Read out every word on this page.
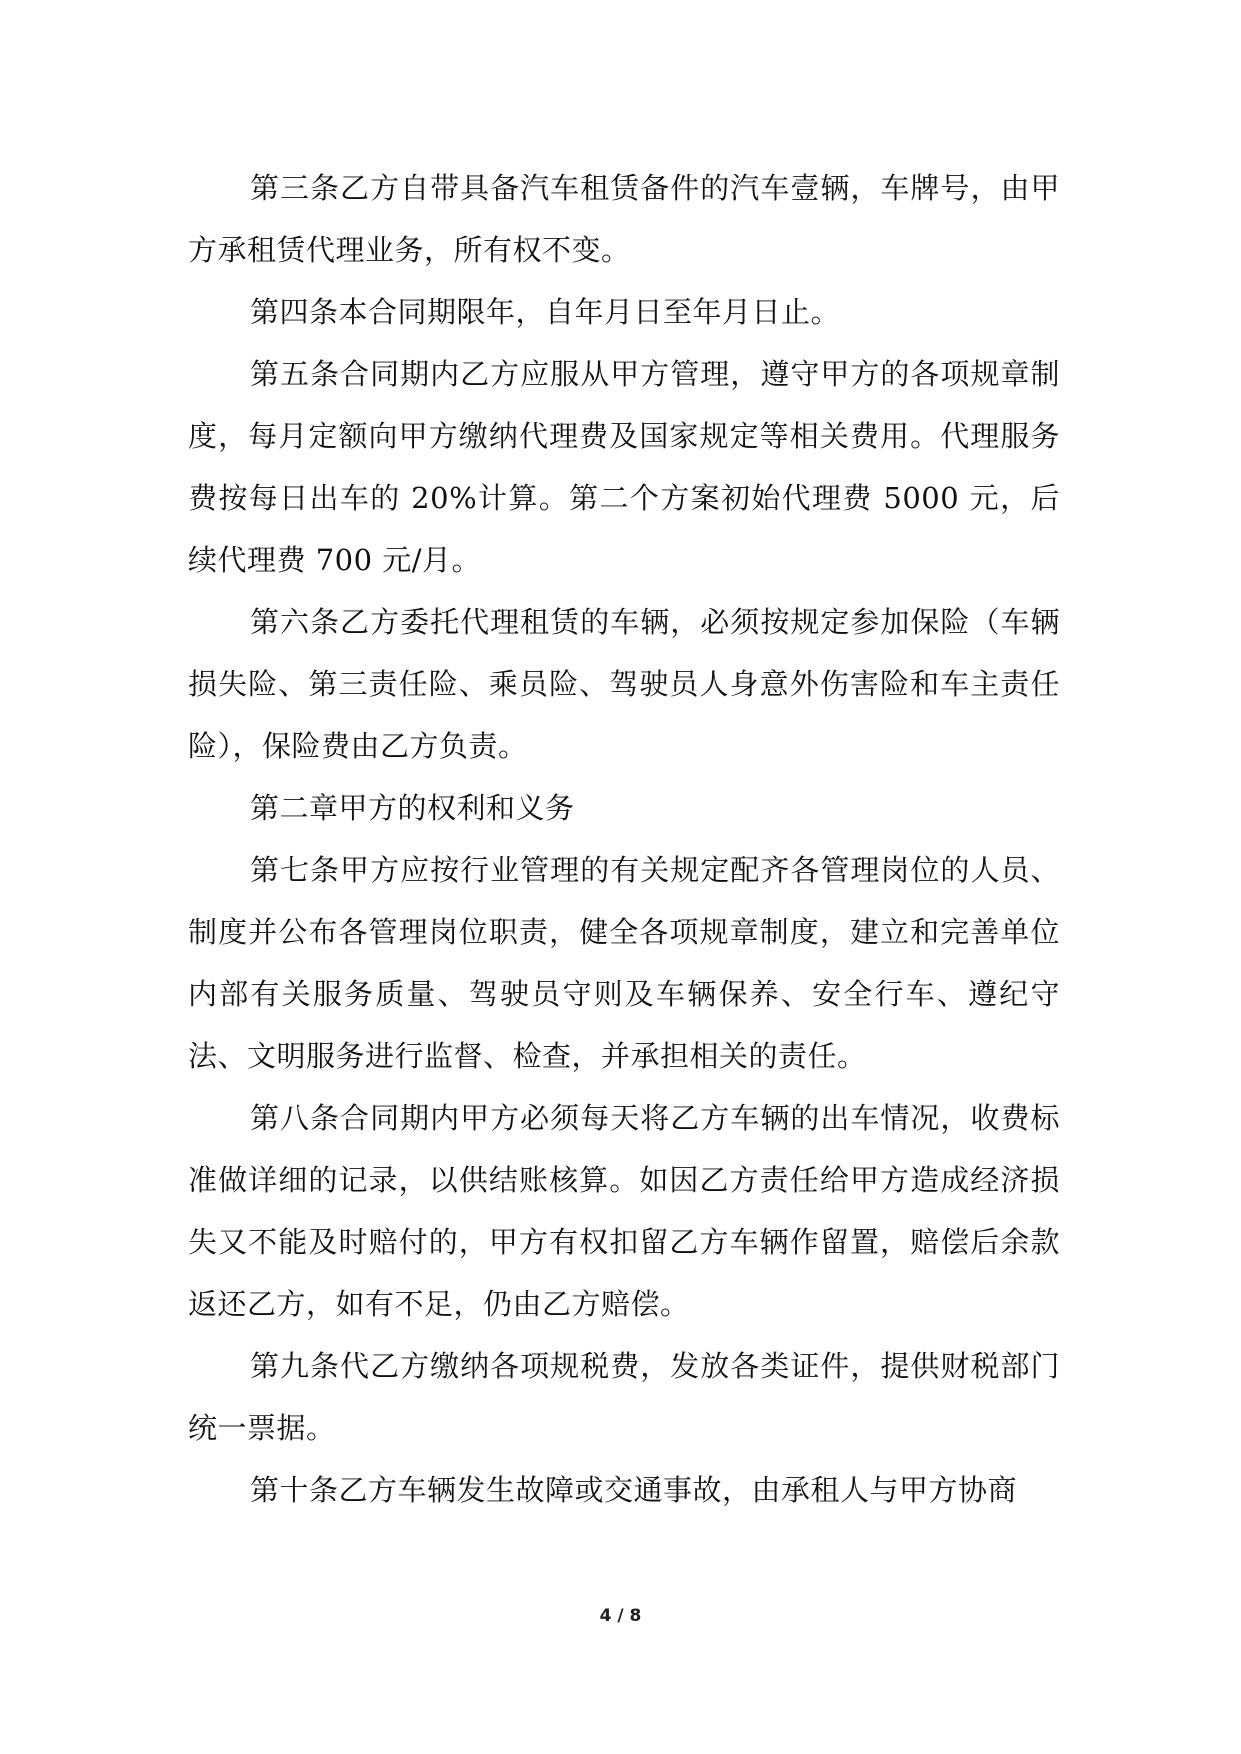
第三条乙方自带具备汽车租赁备件的汽车壹辆，车牌号，由甲方承租赁代理业务，所有权不变。

第四条本合同期限年，自年月日至年月日止。

第五条合同期内乙方应服从甲方管理，遵守甲方的各项规章制度，每月定额向甲方缴纳代理费及国家规定等相关费用。代理服务费按每日出车的 20%计算。第二个方案初始代理费 5000 元，后续代理费 700 元/月。

第六条乙方委托代理租赁的车辆，必须按规定参加保险（车辆损失险、第三责任险、乘员险、驾驶员人身意外伤害险和车主责任险），保险费由乙方负责。

第二章甲方的权利和义务

第七条甲方应按行业管理的有关规定配齐各管理岗位的人员、制度并公布各管理岗位职责，健全各项规章制度，建立和完善单位内部有关服务质量、驾驶员守则及车辆保养、安全行车、遵纪守法、文明服务进行监督、检查，并承担相关的责任。

第八条合同期内甲方必须每天将乙方车辆的出车情况，收费标准做详细的记录，以供结账核算。如因乙方责任给甲方造成经济损失又不能及时赔付的，甲方有权扣留乙方车辆作留置，赔偿后余款返还乙方，如有不足，仍由乙方赔偿。

第九条代乙方缴纳各项规税费，发放各类证件，提供财税部门统一票据。

第十条乙方车辆发生故障或交通事故，由承租人与甲方协商

4 / 8
